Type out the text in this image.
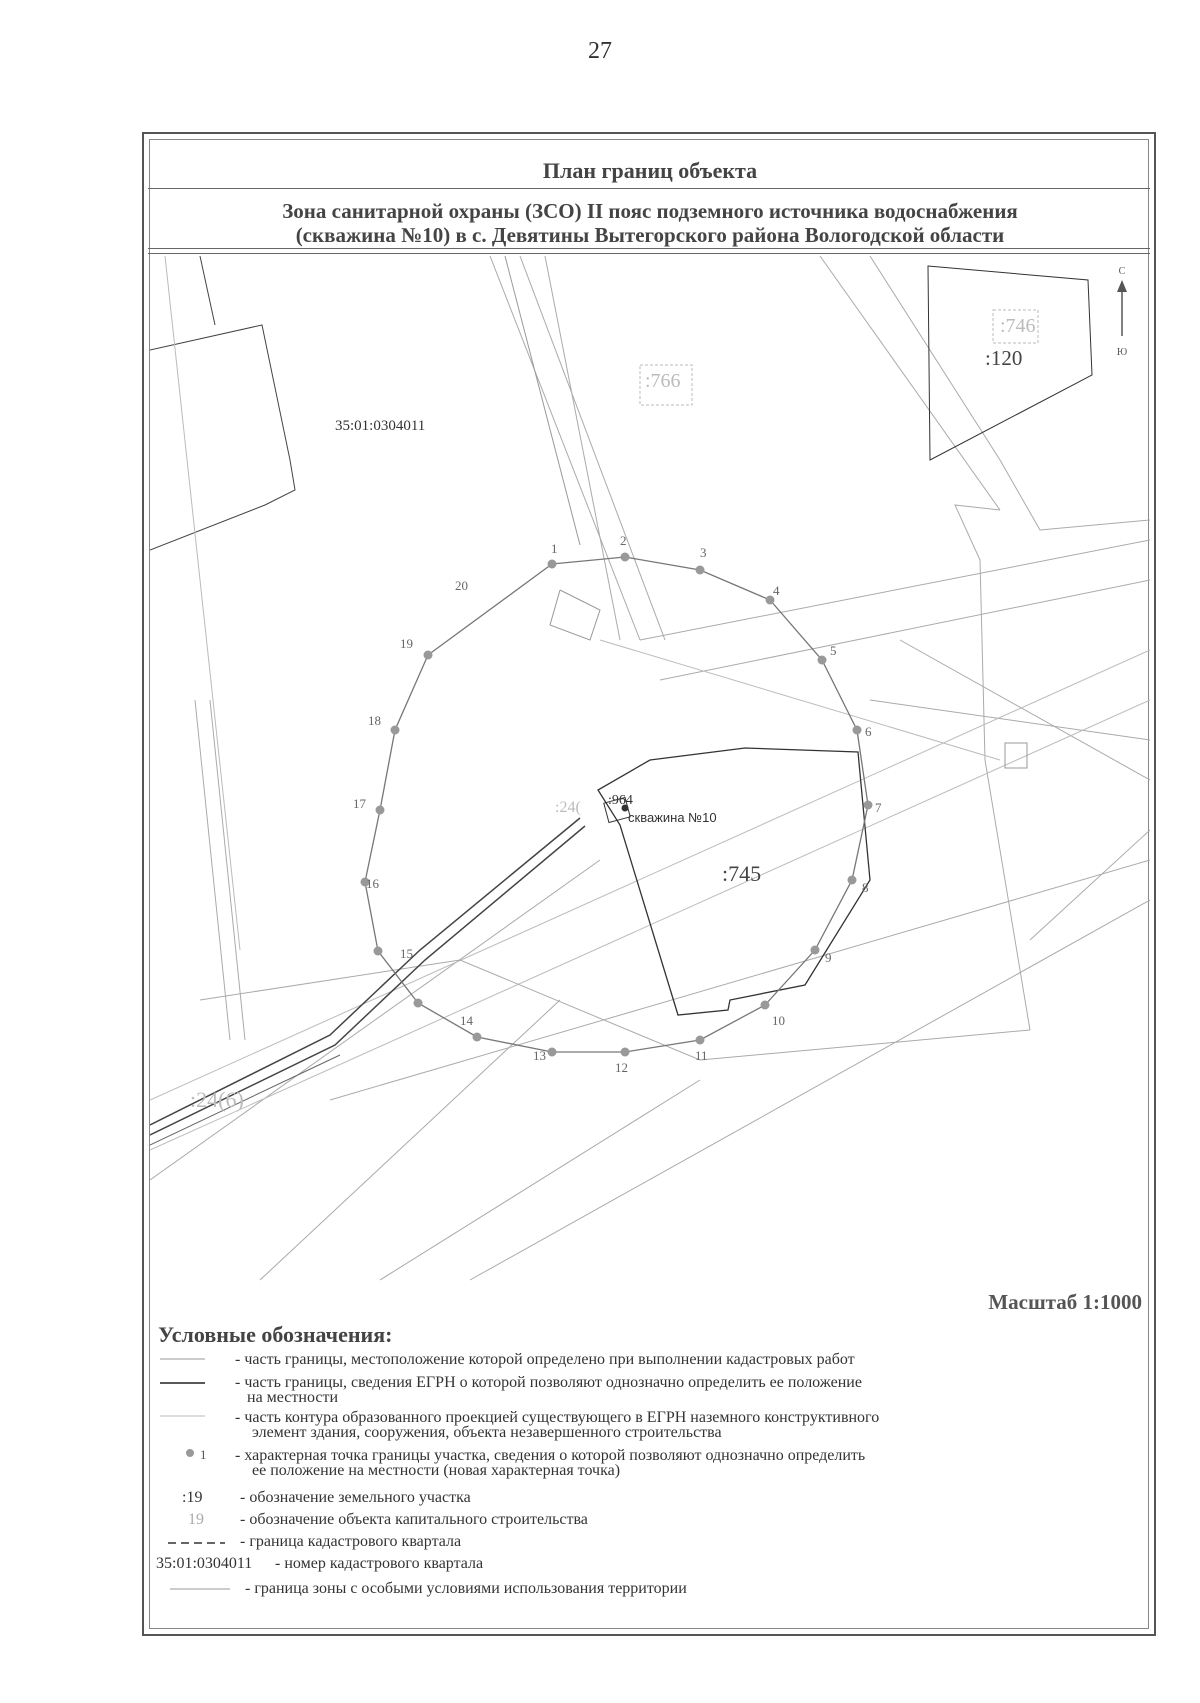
27
План границ объекта
Зона санитарной охраны (ЗСО) II пояс подземного источника водоснабжения
(скважина №10) в с. Девятины Вытегорского района Вологодской области
1
2
3
4
5
6
7
8
9
10
11
12
13
14
15
16
17
18
19
20
35:01:0304011
:766
:746
:120
:745
:24(6)
:24( :964
скважина №10
С
Ю
Масштаб 1:1000
Условные обозначения:
1
:19
19
35:01:0304011
- часть границы, местоположение которой определено при выполнении кадастровых работ
- часть границы, сведения ЕГРН о которой позволяют однозначно определить ее положение
на местности
- часть контура образованного проекцией существующего в ЕГРН наземного конструктивного
элемент здания, сооружения, объекта незавершенного строительства
- характерная точка границы участка, сведения о которой позволяют однозначно определить
ее положение на местности (новая характерная точка)
- обозначение земельного участка
- обозначение объекта капитального строительства
- граница кадастрового квартала
- номер кадастрового квартала
- граница зоны с особыми условиями использования территории
